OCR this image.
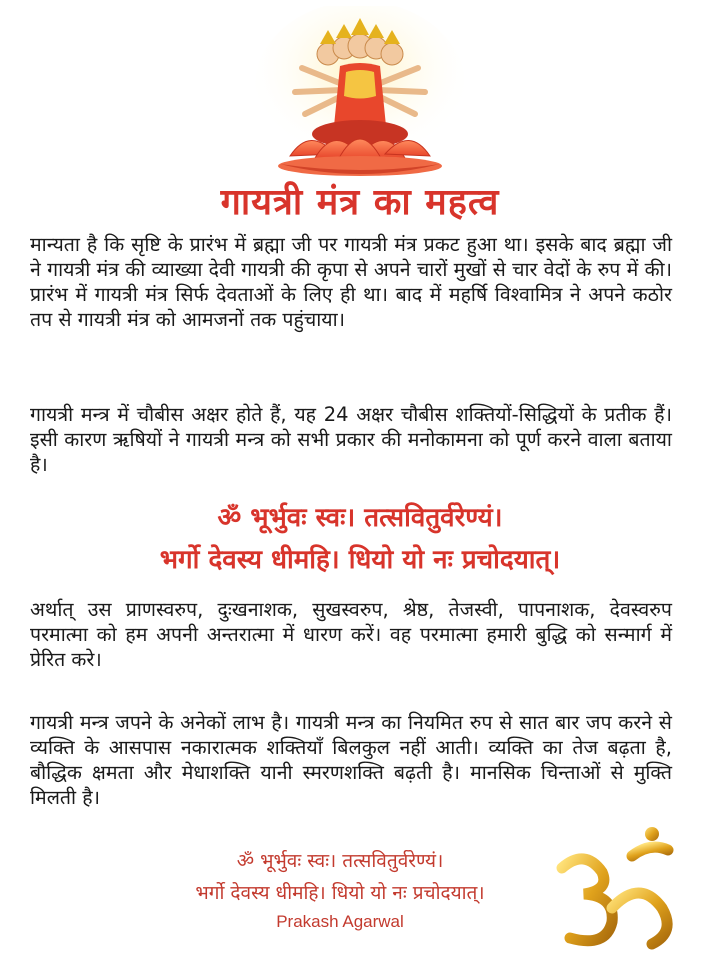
गायत्री मंत्र का महत्व

मान्यता है कि सृष्टि के प्रारंभ में ब्रह्मा जी पर गायत्री मंत्र प्रकट हुआ था। इसके बाद ब्रह्मा जी ने गायत्री मंत्र की व्याख्या देवी गायत्री की कृपा से अपने चारों मुखों से चार वेदों के रुप में की। प्रारंभ में गायत्री मंत्र सिर्फ देवताओं के लिए ही था। बाद में महर्षि विश्वामित्र ने अपने कठोर तप से गायत्री मंत्र को आमजनों तक पहुंचाया।

गायत्री मन्त्र में चौबीस अक्षर होते हैं, यह 24 अक्षर चौबीस शक्तियों-सिद्धियों के प्रतीक हैं। इसी कारण ऋषियों ने गायत्री मन्त्र को सभी प्रकार की मनोकामना को पूर्ण करने वाला बताया है।

ॐ भूर्भुवः स्वः। तत्सवितुर्वरेण्यं।
भर्गो देवस्य धीमहि। धियो यो नः प्रचोदयात्।

अर्थात् उस प्राणस्वरुप, दुःखनाशक, सुखस्वरुप, श्रेष्ठ, तेजस्वी, पापनाशक, देवस्वरुप परमात्मा को हम अपनी अन्तरात्मा में धारण करें। वह परमात्मा हमारी बुद्धि को सन्मार्ग में प्रेरित करे।

गायत्री मन्त्र जपने के अनेकों लाभ है। गायत्री मन्त्र का नियमित रुप से सात बार जप करने से व्यक्ति के आसपास नकारात्मक शक्तियाँ बिलकुल नहीं आती। व्यक्ति का तेज बढ़ता है, बौद्धिक क्षमता और मेधाशक्ति यानी स्मरणशक्ति बढ़ती है। मानसिक चिन्ताओं से मुक्ति मिलती है।

ॐ भूर्भुवः स्वः। तत्सवितुर्वरेण्यं।
भर्गो देवस्य धीमहि। धियो यो नः प्रचोदयात्।
Prakash Agarwal
